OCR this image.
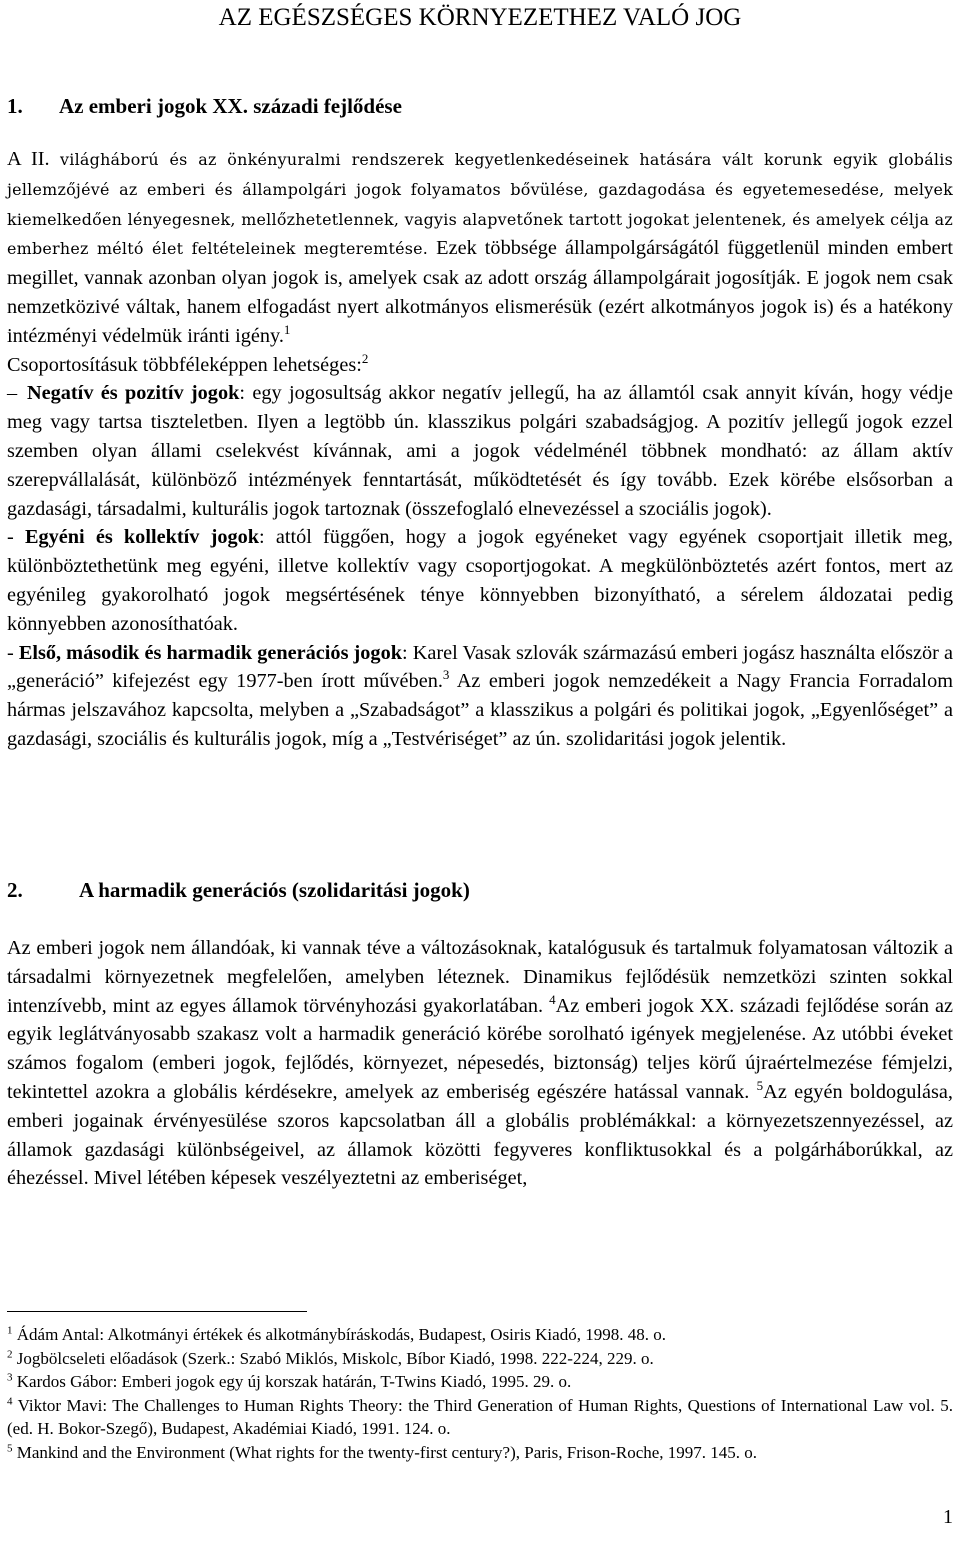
AZ EGÉSZSÉGES KÖRNYEZETHEZ VALÓ JOG
1. Az emberi jogok XX. századi fejlődése
A II. világháború és az önkényuralmi rendszerek kegyetlenkedéseinek hatására vált korunk egyik globális jellemzőjévé az emberi és állampolgári jogok folyamatos bővülése, gazdagodása és egyetemesedése, melyek kiemelkedően lényegesnek, mellőzhetetlennek, vagyis alapvetőnek tartott jogokat jelentenek, és amelyek célja az emberhez méltó élet feltételeinek megteremtése. Ezek többsége állampolgárságától függetlenül minden embert megillet, vannak azonban olyan jogok is, amelyek csak az adott ország állampolgárait jogosítják. E jogok nem csak nemzetközivé váltak, hanem elfogadást nyert alkotmányos elismerésük (ezért alkotmányos jogok is) és a hatékony intézményi védelmük iránti igény.$^1$
Csoportosításuk többféleképpen lehetséges:$^2$
– Negatív és pozitív jogok: egy jogosultság akkor negatív jellegű, ha az államtól csak annyit kíván, hogy védje meg vagy tartsa tiszteletben. Ilyen a legtöbb ún. klasszikus polgári szabadságjog. A pozitív jellegű jogok ezzel szemben olyan állami cselekvést kívánnak, ami a jogok védelménél többnek mondható: az állam aktív szerepvállalását, különböző intézmények fenntartását, működtetését és így tovább. Ezek körébe elsősorban a gazdasági, társadalmi, kulturális jogok tartoznak (összefoglaló elnevezéssel a szociális jogok).
- Egyéni és kollektív jogok: attól függően, hogy a jogok egyéneket vagy egyének csoportjait illetik meg, különböztethetünk meg egyéni, illetve kollektív vagy csoportjogokat. A megkülönböztetés azért fontos, mert az egyénileg gyakorolható jogok megsértésének ténye könnyebben bizonyítható, a sérelem áldozatai pedig könnyebben azonosíthatóak.
- Első, második és harmadik generációs jogok: Karel Vasak szlovák származású emberi jogász használta először a „generáció” kifejezést egy 1977-ben írott művében.$^3$ Az emberi jogok nemzedékeit a Nagy Francia Forradalom hármas jelszavához kapcsolta, melyben a „Szabadságot” a klasszikus a polgári és politikai jogok, „Egyenlőséget” a gazdasági, szociális és kulturális jogok, míg a „Testvériséget” az ún. szolidaritási jogok jelentik.
2.	A harmadik generációs (szolidaritási jogok)
Az emberi jogok nem állandóak, ki vannak téve a változásoknak, katalógusuk és tartalmuk folyamatosan változik a társadalmi környezetnek megfelelően, amelyben léteznek. Dinamikus fejlődésük nemzetközi szinten sokkal intenzívebb, mint az egyes államok törvényhozási gyakorlatában. $^4$Az emberi jogok XX. századi fejlődése során az egyik leglátványosabb szakasz volt a harmadik generáció körébe sorolható igények megjelenése. Az utóbbi éveket számos fogalom (emberi jogok, fejlődés, környezet, népesedés, biztonság) teljes körű újraértelmezése fémjelzi, tekintettel azokra a globális kérdésekre, amelyek az emberiség egészére hatással vannak. $^5$Az egyén boldogulása, emberi jogainak érvényesülése szoros kapcsolatban áll a globális problémákkal: a környezetszennyezéssel, az államok gazdasági különbségeivel, az államok közötti fegyveres konfliktusokkal és a polgárháborúkkal, az éhezéssel. Mivel létében képesek veszélyeztetni az emberiséget,
$^1$ Ádám Antal: Alkotmányi értékek és alkotmánybíráskodás, Budapest, Osiris Kiadó, 1998. 48. o.
$^2$ Jogbölcseleti előadások (Szerk.: Szabó Miklós, Miskolc, Bíbor Kiadó, 1998. 222-224, 229. o.
$^3$ Kardos Gábor: Emberi jogok egy új korszak határán, T-Twins Kiadó, 1995. 29. o.
$^4$ Viktor Mavi: The Challenges to Human Rights Theory: the Third Generation of Human Rights, Questions of International Law vol. 5. (ed. H. Bokor-Szegő), Budapest, Akadémiai Kiadó, 1991. 124. o.
$^5$ Mankind and the Environment (What rights for the twenty-first century?), Paris, Frison-Roche, 1997. 145. o.
1
